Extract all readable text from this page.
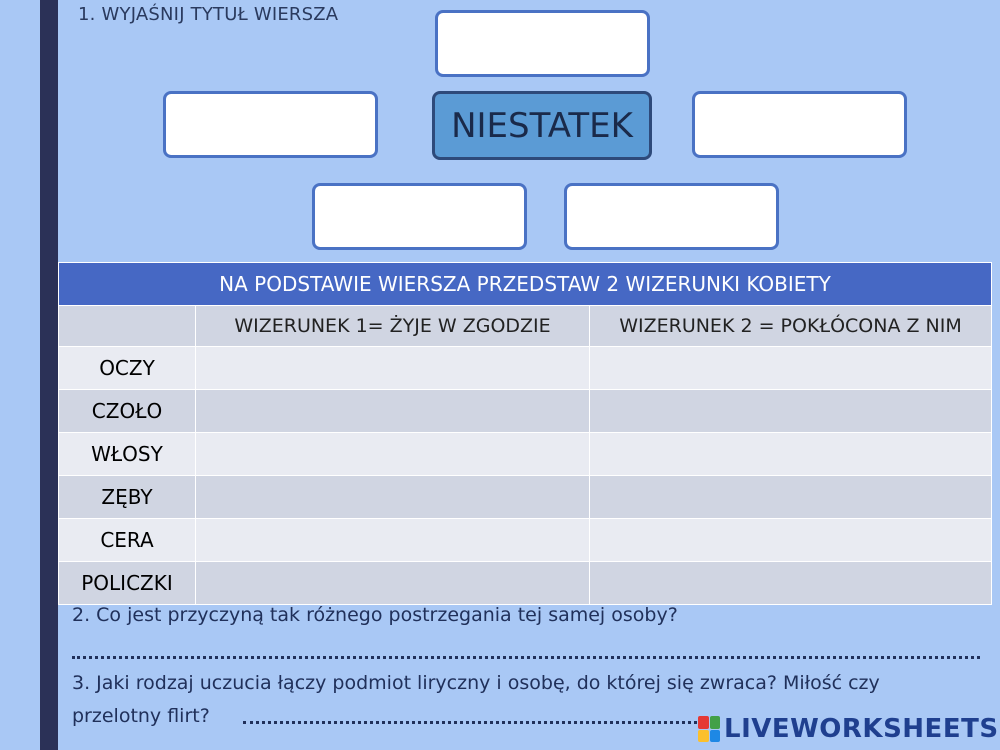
1. WYJAŚNIJ TYTUŁ WIERSZA
NIESTATEK
NA PODSTAWIE WIERSZA PRZEDSTAW 2 WIZERUNKI KOBIETY		
	WIZERUNEK 1= ŻYJE W ZGODZIE	WIZERUNEK 2 = POKŁÓCONA Z NIM
OCZY		
CZOŁO		
WŁOSY		
ZĘBY		
CERA		
POLICZKI		
2. Co jest przyczyną tak różnego postrzegania tej samej osoby?
3. Jaki rodzaj uczucia łączy podmiot liryczny i osobę, do której się zwraca? Miłość czy
przelotny flirt?	LIVEWORKSHEETS
